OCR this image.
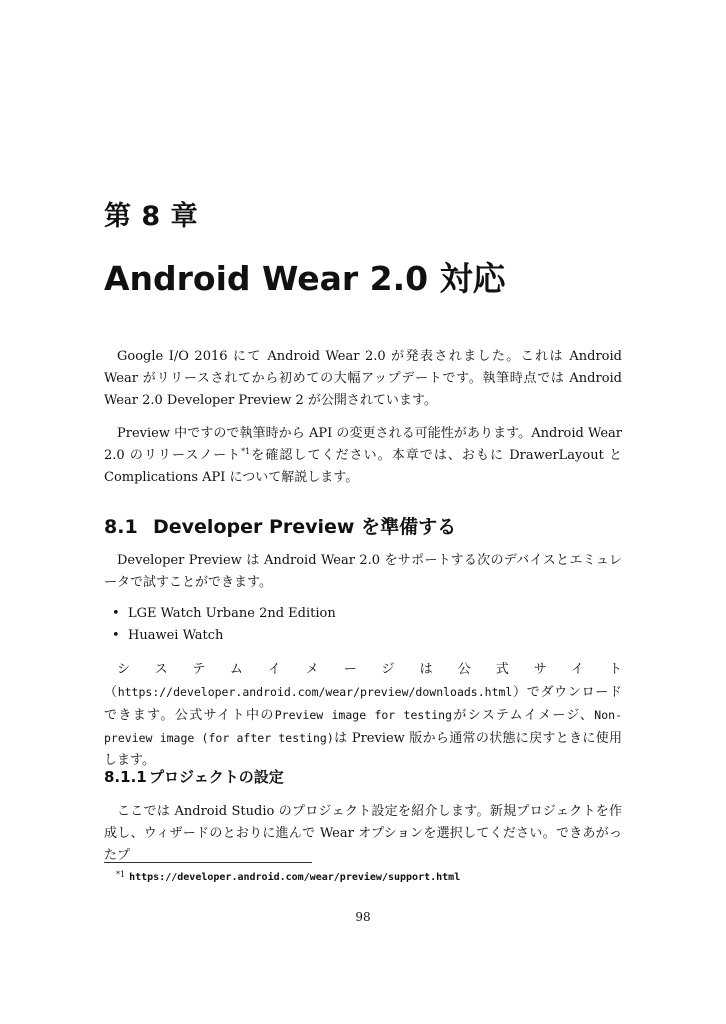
第 8 章
Android Wear 2.0 対応

Google I/O 2016 にて Android Wear 2.0 が発表されました。これは Android Wear がリリースされてから初めての大幅アップデートです。執筆時点では Android Wear 2.0 Developer Preview 2 が公開されています。

Preview 中ですので執筆時から API の変更される可能性があります。Android Wear 2.0 のリリースノート$^{*1}$を確認してください。本章では、おもに DrawerLayout と Complications API について解説します。

8.1 Developer Preview を準備する

Developer Preview は Android Wear 2.0 をサポートする次のデバイスとエミュレータで試すことができます。

• LGE Watch Urbane 2nd Edition
• Huawei Watch

システムイメージは公式サイト（https://developer.android.com/wear/preview/downloads.html）でダウンロードできます。公式サイト中のPreview image for testingがシステムイメージ、Non-preview image (for after testing)は Preview 版から通常の状態に戻すときに使用します。

8.1.1 プロジェクトの設定

ここでは Android Studio のプロジェクト設定を紹介します。新規プロジェクトを作成し、ウィザードのとおりに進んで Wear オプションを選択してください。できあがったプ

$^{*1}$ https://developer.android.com/wear/preview/support.html
98
